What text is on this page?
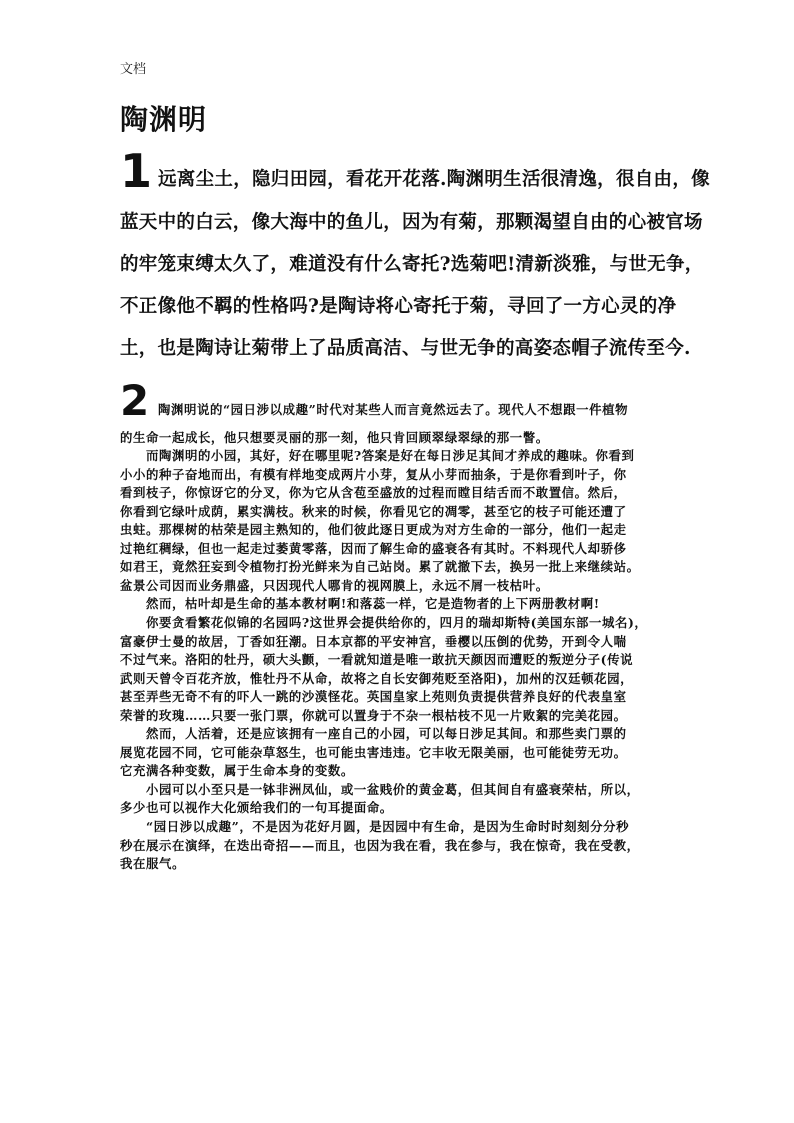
文档
陶渊明
1 远离尘土，隐归田园，看花开花落.陶渊明生活很清逸，很自由，像
蓝天中的白云，像大海中的鱼儿，因为有菊，那颗渴望自由的心被官场
的牢笼束缚太久了，难道没有什么寄托?选菊吧!清新淡雅，与世无争，
不正像他不羁的性格吗?是陶诗将心寄托于菊，寻回了一方心灵的净
土，也是陶诗让菊带上了品质高洁、与世无争的高姿态帽子流传至今.
2 陶渊明说的“园日涉以成趣”时代对某些人而言竟然远去了。现代人不想跟一件植物
的生命一起成长，他只想要灵丽的那一刻，他只肯回顾翠绿翠绿的那一瞥。
　　而陶渊明的小园，其好，好在哪里呢?答案是好在每日涉足其间才养成的趣味。你看到
小小的种子奋地而出，有模有样地变成两片小芽，复从小芽而抽条，于是你看到叶子，你
看到枝子，你惊讶它的分叉，你为它从含苞至盛放的过程而瞠目结舌而不敢置信。然后，
你看到它绿叶成荫，累实满枝。秋来的时候，你看见它的凋零，甚至它的枝子可能还遭了
虫蛀。那棵树的枯荣是园主熟知的，他们彼此逐日更成为对方生命的一部分，他们一起走
过艳红稠绿，但也一起走过萎黄零落，因而了解生命的盛衰各有其时。不料现代人却骄侈
如君王，竟然狂妄到令植物打扮光鲜来为自己站岗。累了就撤下去，换另一批上来继续站。
盆景公司因而业务鼎盛，只因现代人哪肯的视网膜上，永远不屑一枝枯叶。
　　然而，枯叶却是生命的基本教材啊!和落蕊一样，它是造物者的上下两册教材啊!
　　你要贪看繁花似锦的名园吗?这世界会提供给你的，四月的瑞却斯特(美国东部一城名)，
富豪伊士曼的故居，丁香如狂潮。日本京都的平安神宫，垂樱以压倒的优势，开到令人喘
不过气来。洛阳的牡丹，硕大头颤，一看就知道是唯一敢抗天颜因而遭贬的叛逆分子(传说
武则天曾令百花齐放，惟牡丹不从命，故将之自长安御苑贬至洛阳)，加州的汉廷顿花园，
甚至弄些无奇不有的吓人一跳的沙漠怪花。英国皇家上苑则负责提供营养良好的代表皇室
荣誉的玫瑰……只要一张门票，你就可以置身于不杂一根枯枝不见一片败絮的完美花园。
　　然而，人活着，还是应该拥有一座自己的小园，可以每日涉足其间。和那些卖门票的
展览花园不同，它可能杂草怒生，也可能虫害违违。它丰收无限美丽，也可能徒劳无功。
它充满各种变数，属于生命本身的变数。
　　小园可以小至只是一钵非洲凤仙，或一盆贱价的黄金葛，但其间自有盛衰荣枯，所以，
多少也可以视作大化颁给我们的一句耳提面命。
　　“园日涉以成趣”，不是因为花好月圆，是因园中有生命，是因为生命时时刻刻分分秒
秒在展示在演绎，在迭出奇招——而且，也因为我在看，我在参与，我在惊奇，我在受教，
我在服气。
